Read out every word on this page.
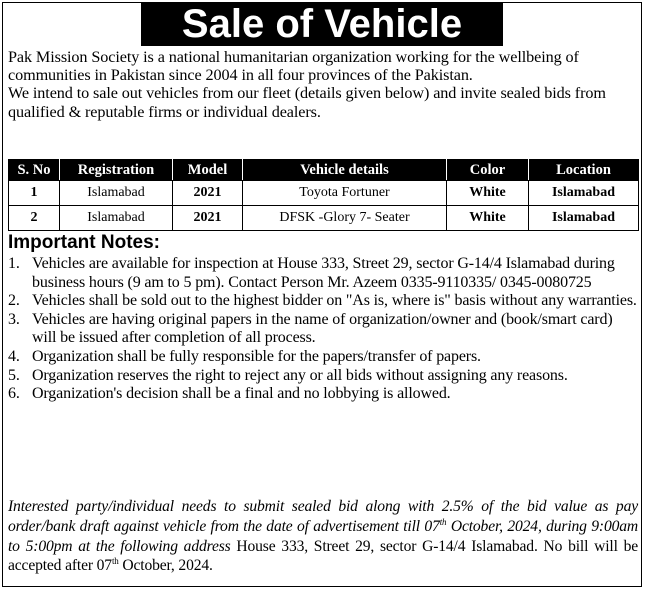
Sale of Vehicle

Pak Mission Society is a national humanitarian organization working for the wellbeing of communities in Pakistan since 2004 in all four provinces of the Pakistan.

We intend to sale out vehicles from our fleet (details given below) and invite sealed bids from qualified & reputable firms or individual dealers.

S. No	Registration	Model	Vehicle details	Color	Location
1	Islamabad	2021	Toyota Fortuner	White	Islamabad
2	Islamabad	2021	DFSK -Glory 7- Seater	White	Islamabad
Important Notes:
1. Vehicles are available for inspection at House 333, Street 29, sector G-14/4 Islamabad during business hours (9 am to 5 pm). Contact Person Mr. Azeem 0335-9110335/ 0345-0080725
2. Vehicles shall be sold out to the highest bidder on "As is, where is" basis without any warranties.
3. Vehicles are having original papers in the name of organization/owner and (book/smart card) will be issued after completion of all process.
4. Organization shall be fully responsible for the papers/transfer of papers.
5. Organization reserves the right to reject any or all bids without assigning any reasons.
6. Organization's decision shall be a final and no lobbying is allowed.
Interested party/individual needs to submit sealed bid along with 2.5% of the bid value as pay order/bank draft against vehicle from the date of advertisement till 07th October, 2024, during 9:00am to 5:00pm at the following address House 333, Street 29, sector G-14/4 Islamabad. No bill will be accepted after 07th October, 2024.
